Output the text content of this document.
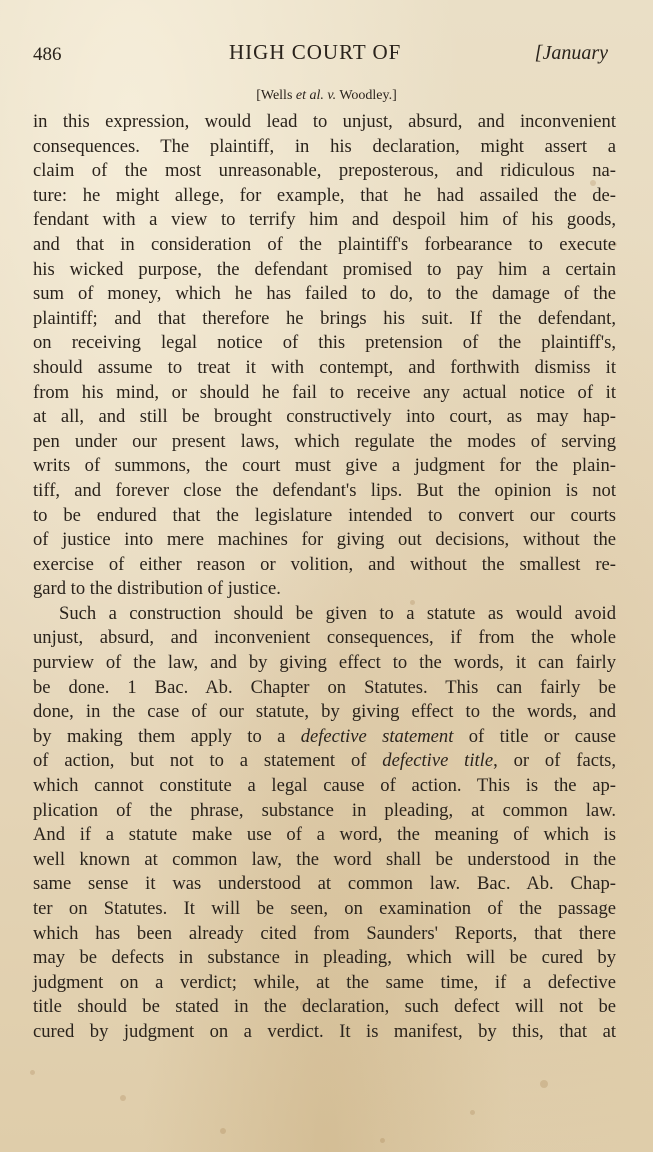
486	HIGH COURT OF	[January
[Wells et al. v. Woodley.]
in this expression, would lead to unjust, absurd, and inconvenient
consequences. The plaintiff, in his declaration, might assert a
claim of the most unreasonable, preposterous, and ridiculous na-
ture: he might allege, for example, that he had assailed the de-
fendant with a view to terrify him and despoil him of his goods,
and that in consideration of the plaintiff's forbearance to execute
his wicked purpose, the defendant promised to pay him a certain
sum of money, which he has failed to do, to the damage of the
plaintiff; and that therefore he brings his suit. If the defendant,
on receiving legal notice of this pretension of the plaintiff's,
should assume to treat it with contempt, and forthwith dismiss it
from his mind, or should he fail to receive any actual notice of it
at all, and still be brought constructively into court, as may hap-
pen under our present laws, which regulate the modes of serving
writs of summons, the court must give a judgment for the plain-
tiff, and forever close the defendant's lips. But the opinion is not
to be endured that the legislature intended to convert our courts
of justice into mere machines for giving out decisions, without the
exercise of either reason or volition, and without the smallest re-
gard to the distribution of justice.
Such a construction should be given to a statute as would avoid
unjust, absurd, and inconvenient consequences, if from the whole
purview of the law, and by giving effect to the words, it can fairly
be done. 1 Bac. Ab. Chapter on Statutes. This can fairly be
done, in the case of our statute, by giving effect to the words, and
by making them apply to a defective statement of title or cause
of action, but not to a statement of defective title, or of facts,
which cannot constitute a legal cause of action. This is the ap-
plication of the phrase, substance in pleading, at common law.
And if a statute make use of a word, the meaning of which is
well known at common law, the word shall be understood in the
same sense it was understood at common law. Bac. Ab. Chap-
ter on Statutes. It will be seen, on examination of the passage
which has been already cited from Saunders' Reports, that there
may be defects in substance in pleading, which will be cured by
judgment on a verdict; while, at the same time, if a defective
title should be stated in the declaration, such defect will not be
cured by judgment on a verdict. It is manifest, by this, that at
